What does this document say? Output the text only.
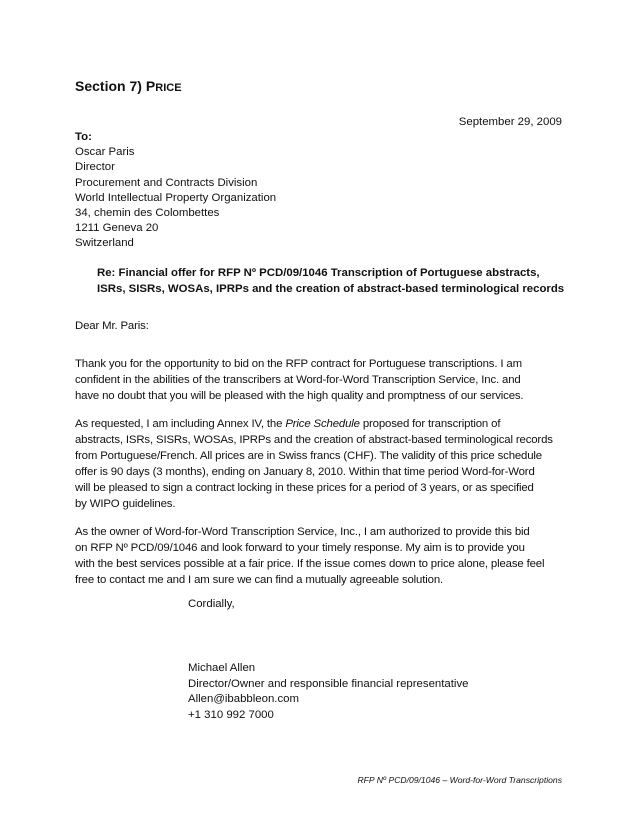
Section 7) PRICE
September 29, 2009
To:
Oscar Paris
Director
Procurement and Contracts Division
World Intellectual Property Organization
34, chemin des Colombettes
1211 Geneva 20
Switzerland
Re: Financial offer for RFP Nº PCD/09/1046 Transcription of Portuguese abstracts,
ISRs, SISRs, WOSAs, IPRPs and the creation of abstract-based terminological records
Dear Mr. Paris:
Thank you for the opportunity to bid on the RFP contract for Portuguese transcriptions. I am
confident in the abilities of the transcribers at Word-for-Word Transcription Service, Inc. and
have no doubt that you will be pleased with the high quality and promptness of our services.
As requested, I am including Annex IV, the Price Schedule proposed for transcription of
abstracts, ISRs, SISRs, WOSAs, IPRPs and the creation of abstract-based terminological records
from Portuguese/French. All prices are in Swiss francs (CHF). The validity of this price schedule
offer is 90 days (3 months), ending on January 8, 2010. Within that time period Word-for-Word
will be pleased to sign a contract locking in these prices for a period of 3 years, or as specified
by WIPO guidelines.
As the owner of Word-for-Word Transcription Service, Inc., I am authorized to provide this bid
on RFP Nº PCD/09/1046 and look forward to your timely response. My aim is to provide you
with the best services possible at a fair price. If the issue comes down to price alone, please feel
free to contact me and I am sure we can find a mutually agreeable solution.
Cordially,
Michael Allen
Director/Owner and responsible financial representative
Allen@ibabbleon.com
+1 310 992 7000
RFP Nº PCD/09/1046 – Word-for-Word Transcriptions
